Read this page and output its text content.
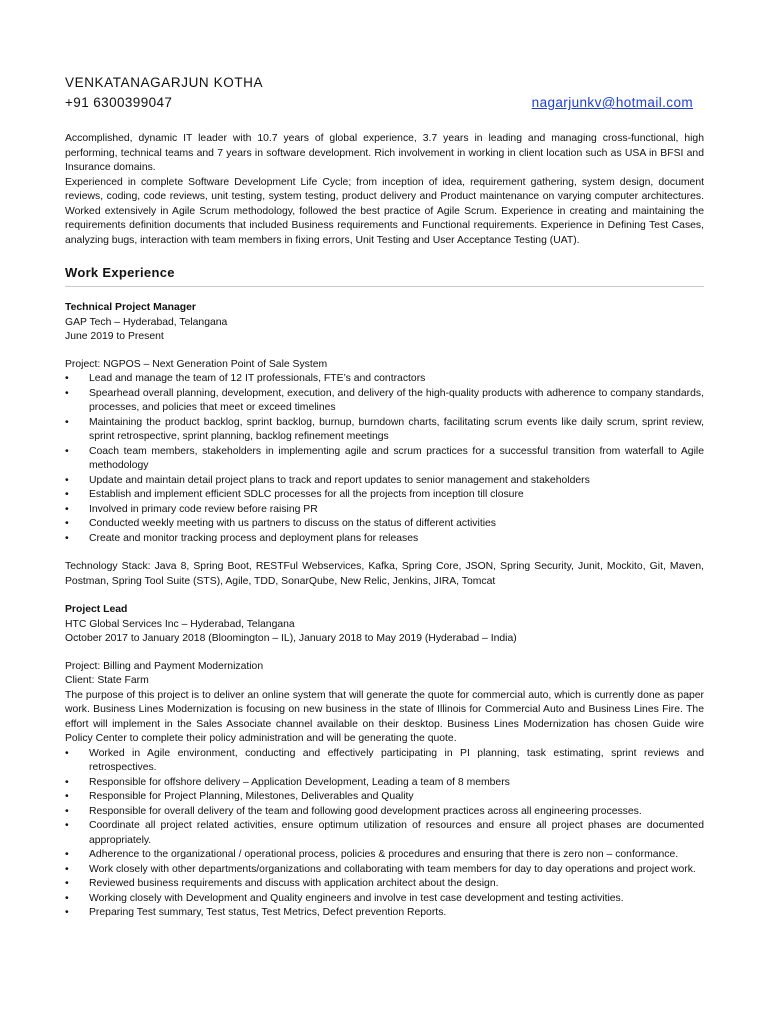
VENKATANAGARJUN KOTHA

+91 6300399047	nagarjunkv@hotmail.com

Accomplished, dynamic IT leader with 10.7 years of global experience, 3.7 years in leading and managing cross-functional, high performing, technical teams and 7 years in software development. Rich involvement in working in client location such as USA in BFSI and Insurance domains.

Experienced in complete Software Development Life Cycle; from inception of idea, requirement gathering, system design, document reviews, coding, code reviews, unit testing, system testing, product delivery and Product maintenance on varying computer architectures. Worked extensively in Agile Scrum methodology, followed the best practice of Agile Scrum. Experience in creating and maintaining the requirements definition documents that included Business requirements and Functional requirements. Experience in Defining Test Cases, analyzing bugs, interaction with team members in fixing errors, Unit Testing and User Acceptance Testing (UAT).

Work Experience

Technical Project Manager

GAP Tech – Hyderabad, Telangana

June 2019 to Present

Project: NGPOS – Next Generation Point of Sale System

•	Lead and manage the team of 12 IT professionals, FTE’s and contractors
•	Spearhead overall planning, development, execution, and delivery of the high-quality products with adherence to company standards, processes, and policies that meet or exceed timelines
•	Maintaining the product backlog, sprint backlog, burnup, burndown charts, facilitating scrum events like daily scrum, sprint review, sprint retrospective, sprint planning, backlog refinement meetings
•	Coach team members, stakeholders in implementing agile and scrum practices for a successful transition from waterfall to Agile methodology
•	Update and maintain detail project plans to track and report updates to senior management and stakeholders
•	Establish and implement efficient SDLC processes for all the projects from inception till closure
•	Involved in primary code review before raising PR
•	Conducted weekly meeting with us partners to discuss on the status of different activities
•	Create and monitor tracking process and deployment plans for releases

Technology Stack: Java 8, Spring Boot, RESTFul Webservices, Kafka, Spring Core, JSON, Spring Security, Junit, Mockito, Git, Maven, Postman, Spring Tool Suite (STS), Agile, TDD, SonarQube, New Relic, Jenkins, JIRA, Tomcat

Project Lead

HTC Global Services Inc – Hyderabad, Telangana

October 2017 to January 2018 (Bloomington – IL), January 2018 to May 2019 (Hyderabad – India)

Project: Billing and Payment Modernization

Client: State Farm

The purpose of this project is to deliver an online system that will generate the quote for commercial auto, which is currently done as paper work. Business Lines Modernization is focusing on new business in the state of Illinois for Commercial Auto and Business Lines Fire. The effort will implement in the Sales Associate channel available on their desktop. Business Lines Modernization has chosen Guide wire Policy Center to complete their policy administration and will be generating the quote.

•	Worked in Agile environment, conducting and effectively participating in PI planning, task estimating, sprint reviews and retrospectives.
•	Responsible for offshore delivery – Application Development, Leading a team of 8 members
•	Responsible for Project Planning, Milestones, Deliverables and Quality
•	Responsible for overall delivery of the team and following good development practices across all engineering processes.
•	Coordinate all project related activities, ensure optimum utilization of resources and ensure all project phases are documented appropriately.
•	Adherence to the organizational / operational process, policies & procedures and ensuring that there is zero non – conformance.
•	Work closely with other departments/organizations and collaborating with team members for day to day operations and project work.
•	Reviewed business requirements and discuss with application architect about the design.
•	Working closely with Development and Quality engineers and involve in test case development and testing activities.
•	Preparing Test summary, Test status, Test Metrics, Defect prevention Reports.
